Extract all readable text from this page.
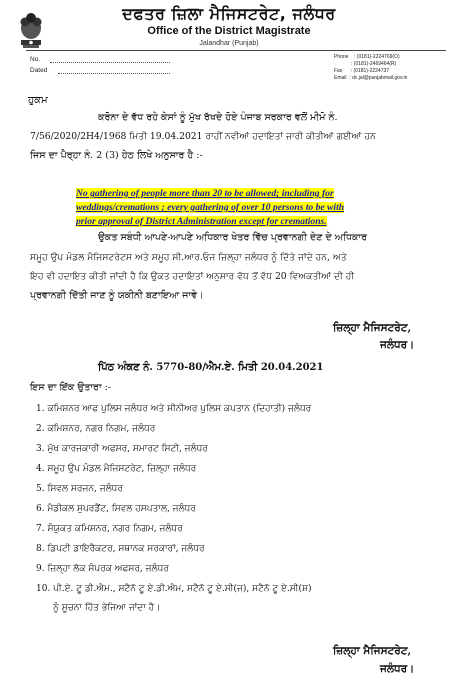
ਦਫਤਰ ਜ਼ਿਲਾ ਮੈਜਿਸਟਰੇਟ, ਜਲੰਧਰ
Office of the District Magistrate
Jalandhar (Punjab)
No.
Dated
Phone : (0181)-2224769(O)
: (0181)-2469464(R)
Fax : (0181)-2224737
Email : dc.jal@punjabmail.gov.in
ਹੁਕਮ
ਕਰੋਨਾ ਦੇ ਵੱਧ ਰਹੇ ਕੇਸਾਂ ਨੂੰ ਮੁੱਖ ਰੱਖਦੇ ਹੋਏ ਪੰਜਾਬ ਸਰਕਾਰ ਵਲੋਂ ਮੀਮੋ ਨੰ.
7/56/2020/2H4/1968 ਮਿਤੀ 19.04.2021 ਰਾਹੀਂ ਨਵੀਆਂ ਹਦਾਇਤਾਂ ਜਾਰੀ ਕੀਤੀਆਂ ਗਈਆਂ ਹਨ
ਜਿਸ ਦਾ ਪੈਰ੍ਹਾ ਨੰ. 2 (3) ਹੇਠ ਲਿਖੇ ਅਨੁਸਾਰ ਹੈ :-
No gathering of people more than 20 to be allowed; including for
weddings/cremations ; every gathering of over 10 persons to be with
prior approval of District Administration except for cremations.
ਉਕਤ ਸਬੰਧੀ ਆਪਣੇ-ਆਪਣੇ ਅਧਿਕਾਰ ਖੇਤਰ ਵਿੱਚ ਪ੍ਰਵਾਨਗੀ ਦੇਣ ਦੇ ਅਧਿਕਾਰ
ਸਮੂਹ ਉਪ ਮੰਡਲ ਮੈਜਿਸਟਰੇਟਸ ਅਤੇ ਸਮੂਹ ਸੀ.ਆਰ.ਓਜ ਜ਼ਿਲ੍ਹਾ ਜਲੰਧਰ ਨੂੰ ਦਿੱਤੇ ਜਾਂਦੇ ਹਨ, ਅਤੇ
ਇਹ ਵੀ ਹਦਾਇਤ ਕੀਤੀ ਜਾਂਦੀ ਹੈ ਕਿ ਉਕਤ ਹਦਾਇਤਾਂ ਅਨੁਸਾਰ ਵੱਧ ਤੋਂ ਵੱਧ 20 ਵਿਅਕਤੀਆਂ ਦੀ ਹੀ
ਪ੍ਰਵਾਨਗੀ ਦਿੱਤੀ ਜਾਣ ਨੂੰ ਯਕੀਨੀ ਬਣਾਇਆ ਜਾਵੇ।
ਜ਼ਿਲ੍ਹਾ ਮੈਜਿਸਟਰੇਟ,
ਜਲੰਧਰ।
ਪਿੱਠ ਅੰਕਣ ਨੰ. 5770-80/ਐਮ.ਏ. ਮਿਤੀ 20.04.2021
ਇਸ ਦਾ ਇੱਕ ਉਤਾਰਾ :-
1. ਕਮਿਸ਼ਨਰ ਆਫ ਪੁਲਿਸ ਜਲੰਧਰ ਅਤੇ ਸੀਨੀਅਰ ਪੁਲਿਸ ਕਪਤਾਨ (ਦਿਹਾਤੀ) ਜਲੰਧਰ
2. ਕਮਿਸ਼ਨਰ, ਨਗਰ ਨਿਗਮ, ਜਲੰਧਰ
3. ਮੁੱਖ ਕਾਰਜਕਾਰੀ ਅਫਸਰ, ਸਮਾਰਟ ਸਿਟੀ, ਜਲੰਧਰ
4. ਸਮੂਹ ਉਪ ਮੰਡਲ ਮੈਜਿਸਟਰੇਟ, ਜ਼ਿਲ੍ਹਾ ਜਲੰਧਰ
5. ਸਿਵਲ ਸਰਜਨ, ਜਲੰਧਰ
6. ਮੈਡੀਕਲ ਸੁਪਰਡੈਂਟ, ਸਿਵਲ ਹਸਪਤਾਲ, ਜਲੰਧਰ
7. ਸੰਯੁਕਤ ਕਮਿਸ਼ਨਰ, ਨਗਰ ਨਿਗਮ, ਜਲੰਧਰ
8. ਡਿਪਟੀ ਡਾਇਰੈਕਟਰ, ਸਥਾਨਕ ਸਰਕਾਰਾਂ, ਜਲੰਧਰ
9. ਜ਼ਿਲ੍ਹਾ ਲੋਕ ਸੰਪਰਕ ਅਫਸਰ, ਜਲੰਧਰ
10. ਪੀ.ਏ. ਟੂ ਡੀ.ਐਮ., ਸਟੈਨੋ ਟੂ ਏ.ਡੀ.ਐਮ, ਸਟੈਨੋ ਟੂ ਏ.ਸੀ(ਜ), ਸਟੈਨੋ ਟੂ ਏ.ਸੀ(ਸ਼)
ਨੂੰ ਸੂਚਨਾ ਹਿੱਤ ਭੇਜਿਆ ਜਾਂਦਾ ਹੈ।
ਜ਼ਿਲ੍ਹਾ ਮੈਜਿਸਟਰੇਟ,
ਜਲੰਧਰ।
